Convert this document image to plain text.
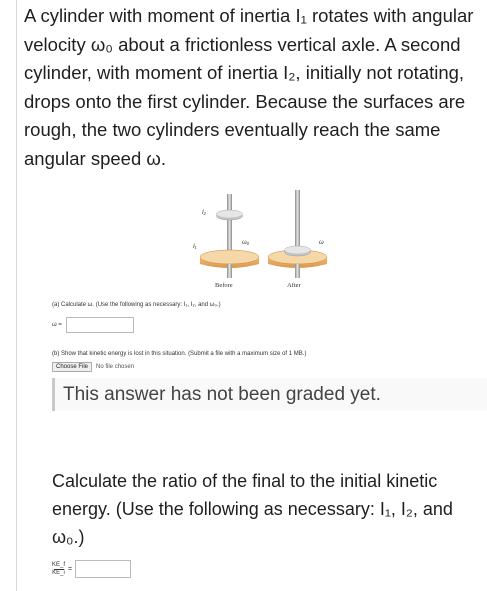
A cylinder with moment of inertia I₁ rotates with angular velocity ω₀ about a frictionless vertical axle. A second cylinder, with moment of inertia I₂, initially not rotating, drops onto the first cylinder. Because the surfaces are rough, the two cylinders eventually reach the same angular speed ω.
I₂
I₁
ω₀
Before
ω
After
(a) Calculate ω. (Use the following as necessary: I₁, I₂, and ω₀.)
ω =
(b) Show that kinetic energy is lost in this situation. (Submit a file with a maximum size of 1 MB.)
Choose File	No file chosen
This answer has not been graded yet.
Calculate the ratio of the final to the initial kinetic energy. (Use the following as necessary: I₁, I₂, and ω₀.)
$\frac{KE\_f}{KE\_i}$ =
